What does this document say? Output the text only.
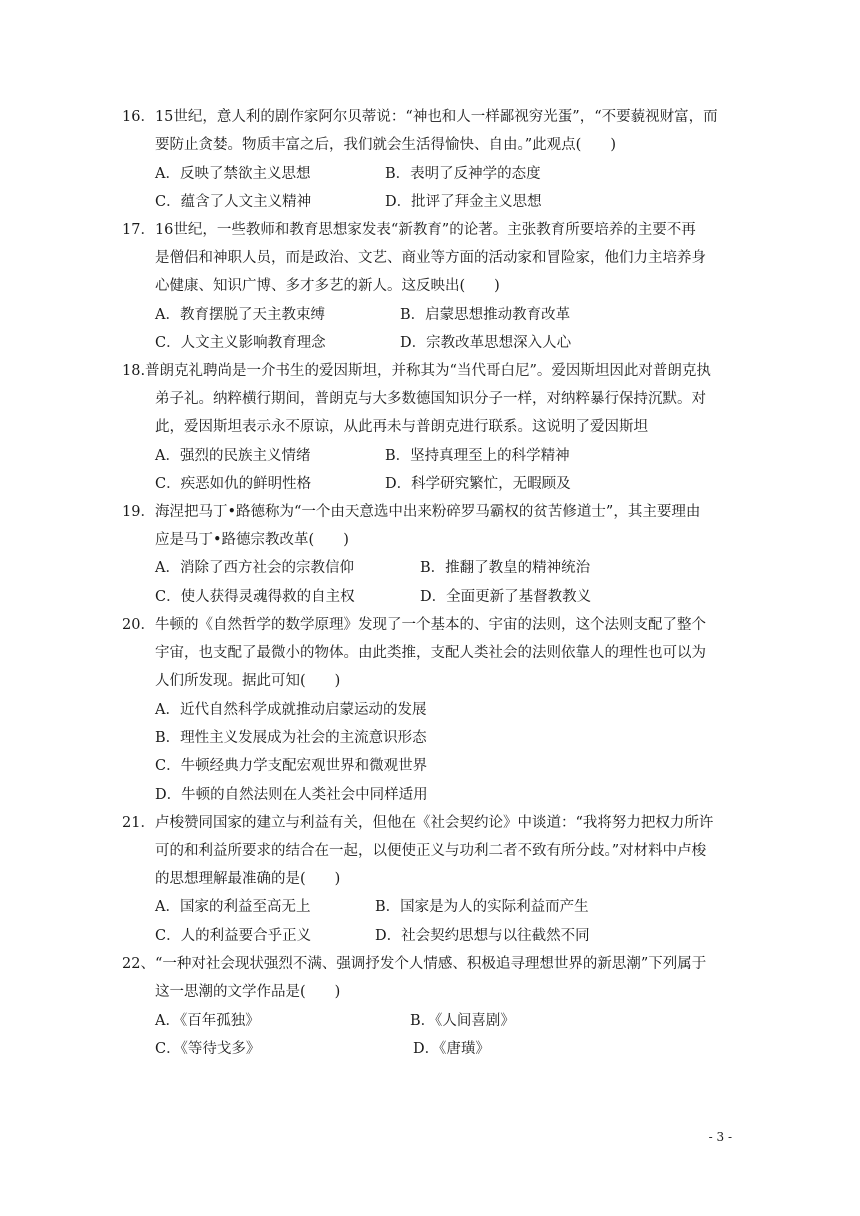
16．15世纪，意人利的剧作家阿尔贝蒂说：“神也和人一样鄙视穷光蛋”，“不要藐视财富，而
要防止贪婪。物质丰富之后，我们就会生活得愉快、自由。”此观点(　　)
A．反映了禁欲主义思想	B．表明了反神学的态度
C．蕴含了人文主义精神	D．批评了拜金主义思想
17．16世纪，一些教师和教育思想家发表“新教育”的论著。主张教育所要培养的主要不再
是僧侣和神职人员，而是政治、文艺、商业等方面的活动家和冒险家，他们力主培养身
心健康、知识广博、多才多艺的新人。这反映出(　　)
A．教育摆脱了天主教束缚	B．启蒙思想推动教育改革
C．人文主义影响教育理念	D．宗教改革思想深入人心
18.普朗克礼聘尚是一介书生的爱因斯坦，并称其为“当代哥白尼”。爱因斯坦因此对普朗克执
弟子礼。纳粹横行期间，普朗克与大多数德国知识分子一样，对纳粹暴行保持沉默。对
此，爱因斯坦表示永不原谅，从此再未与普朗克进行联系。这说明了爱因斯坦
A．强烈的民族主义情绪	B．坚持真理至上的科学精神
C．疾恶如仇的鲜明性格	D．科学研究繁忙，无暇顾及
19．海涅把马丁•路德称为“一个由天意选中出来粉碎罗马霸权的贫苦修道士”，其主要理由
应是马丁•路德宗教改革(　　)
A．消除了西方社会的宗教信仰	B．推翻了教皇的精神统治
C．使人获得灵魂得救的自主权	D．全面更新了基督教教义
20．牛顿的《自然哲学的数学原理》发现了一个基本的、宇宙的法则，这个法则支配了整个
宇宙，也支配了最微小的物体。由此类推，支配人类社会的法则依靠人的理性也可以为
人们所发现。据此可知(　　)
A．近代自然科学成就推动启蒙运动的发展
B．理性主义发展成为社会的主流意识形态
C．牛顿经典力学支配宏观世界和微观世界
D．牛顿的自然法则在人类社会中同样适用
21．卢梭赞同国家的建立与利益有关，但他在《社会契约论》中谈道：“我将努力把权力所许
可的和利益所要求的结合在一起，以便使正义与功利二者不致有所分歧。”对材料中卢梭
的思想理解最准确的是(　　)
A．国家的利益至高无上	B．国家是为人的实际利益而产生
C．人的利益要合乎正义	D．社会契约思想与以往截然不同
22、“一种对社会现状强烈不满、强调抒发个人情感、积极追寻理想世界的新思潮”下列属于
这一思潮的文学作品是(　　)
A．《百年孤独》	B．《人间喜剧》
C．《等待戈多》	D．《唐璜》
- 3 -
